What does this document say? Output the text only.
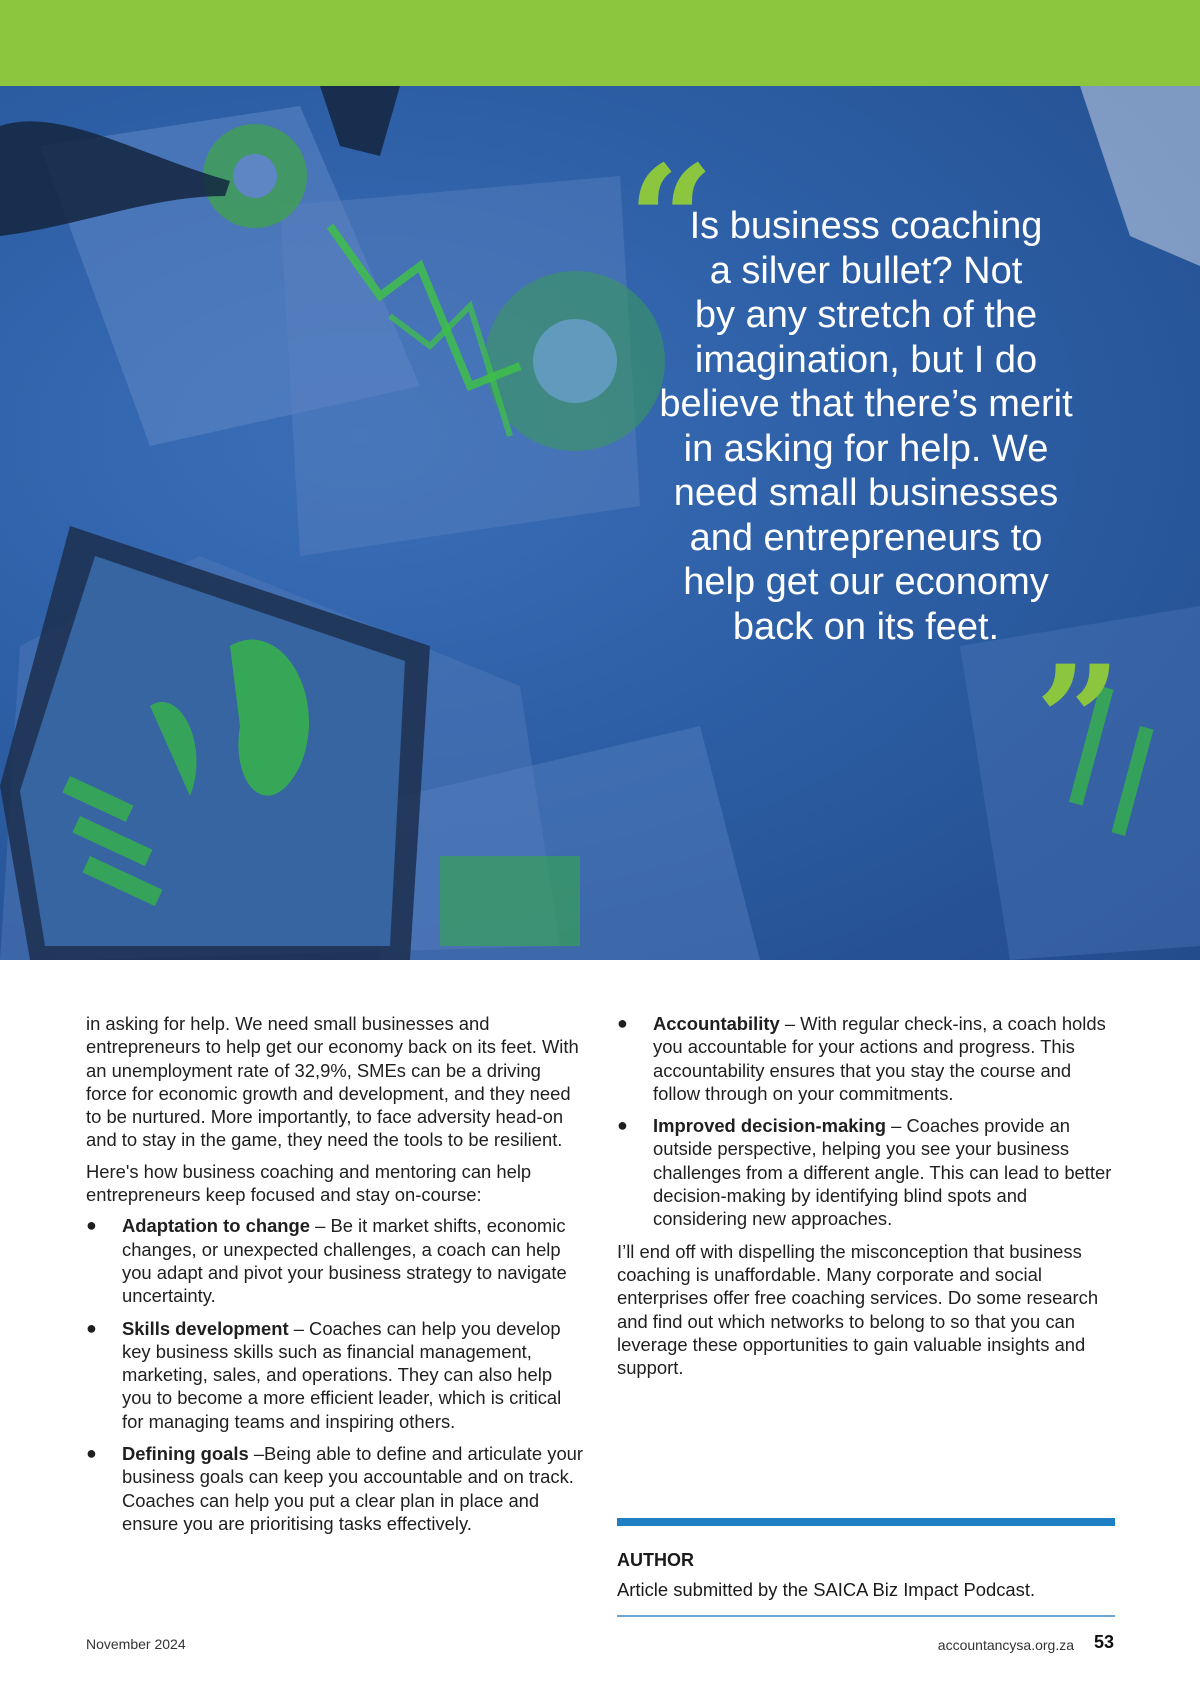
“
Is business coaching
a silver bullet? Not
by any stretch of the
imagination, but I do
believe that there’s merit
in asking for help. We
need small businesses
and entrepreneurs to
help get our economy
back on its feet.
”

in asking for help. We need small businesses and entrepreneurs to help get our economy back on its feet. With an unemployment rate of 32,9%, SMEs can be a driving force for economic growth and development, and they need to be nurtured. More importantly, to face adversity head-on and to stay in the game, they need the tools to be resilient.

Here's how business coaching and mentoring can help entrepreneurs keep focused and stay on-course:

● Adaptation to change – Be it market shifts, economic changes, or unexpected challenges, a coach can help you adapt and pivot your business strategy to navigate uncertainty.
● Skills development – Coaches can help you develop key business skills such as financial management, marketing, sales, and operations. They can also help you to become a more efficient leader, which is critical for managing teams and inspiring others.
● Defining goals –Being able to define and articulate your business goals can keep you accountable and on track. Coaches can help you put a clear plan in place and ensure you are prioritising tasks effectively.
● Accountability – With regular check-ins, a coach holds you accountable for your actions and progress. This accountability ensures that you stay the course and follow through on your commitments.
● Improved decision-making – Coaches provide an outside perspective, helping you see your business challenges from a different angle. This can lead to better decision-making by identifying blind spots and considering new approaches.

I’ll end off with dispelling the misconception that business coaching is unaffordable. Many corporate and social enterprises offer free coaching services. Do some research and find out which networks to belong to so that you can leverage these opportunities to gain valuable insights and support.

AUTHOR
Article submitted by the SAICA Biz Impact Podcast.
November 2024	accountancysa.org.za 53
